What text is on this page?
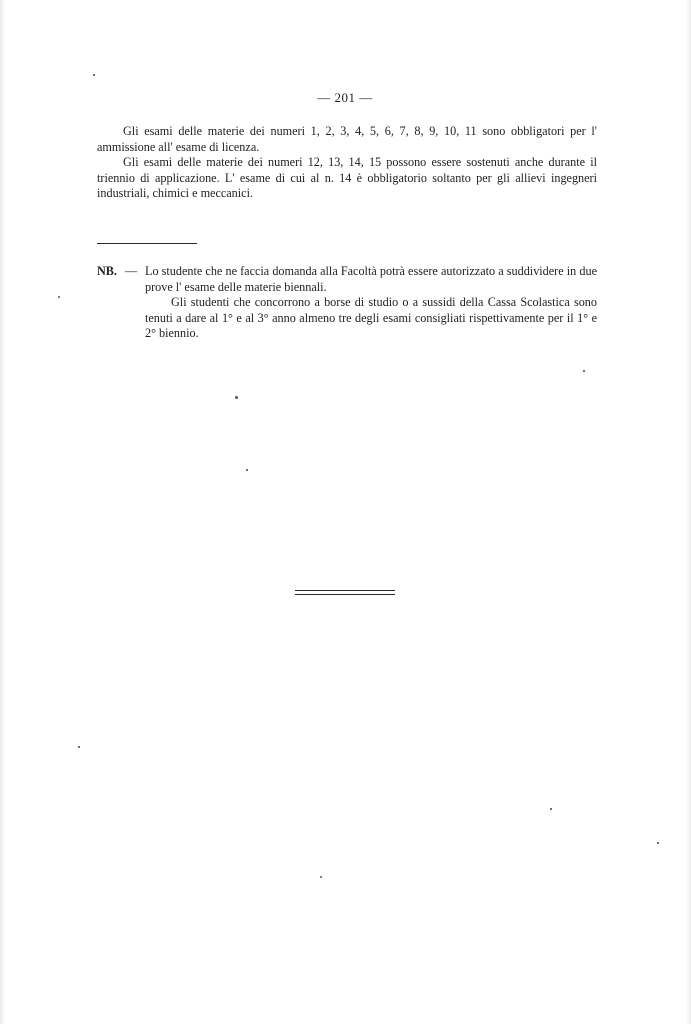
— 201 —

Gli esami delle materie dei numeri 1, 2, 3, 4, 5, 6, 7, 8, 9, 10, 11 sono obbligatori per l' ammissione all' esame di licenza.

Gli esami delle materie dei numeri 12, 13, 14, 15 possono essere sostenuti anche durante il triennio di applicazione. L' esame di cui al n. 14 è obbligatorio soltanto per gli allievi ingegneri industriali, chimici e meccanici.

NB. — Lo studente che ne faccia domanda alla Facoltà potrà essere autorizzato a suddividere in due prove l' esame delle materie biennali.

Gli studenti che concorrono a borse di studio o a sussidi della Cassa Scolastica sono tenuti a dare al 1° e al 3° anno almeno tre degli esami consigliati rispettivamente per il 1° e 2° biennio.
